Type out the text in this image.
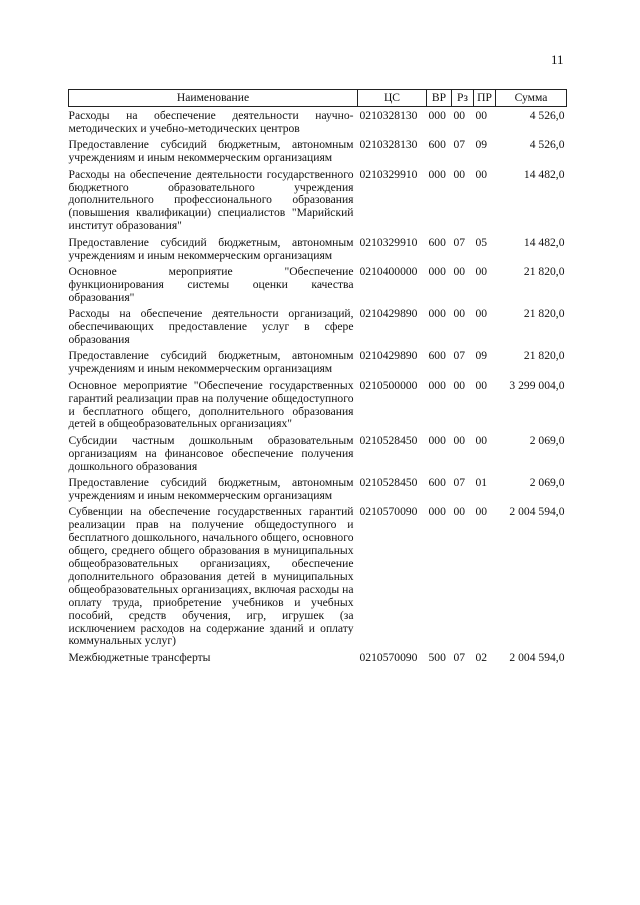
11
Наименование	ЦС	ВР	Рз	ПР	Сумма
Расходы на обеспечение деятельности научно-методических и учебно-методических центров	0210328130	000	00	00	4 526,0
Предоставление субсидий бюджетным, автономным учреждениям и иным некоммерческим организациям	0210328130	600	07	09	4 526,0
Расходы на обеспечение деятельности государственного бюджетного образовательного учреждения дополнительного профессионального образования (повышения квалификации) специалистов "Марийский институт образования"	0210329910	000	00	00	14 482,0
Предоставление субсидий бюджетным, автономным учреждениям и иным некоммерческим организациям	0210329910	600	07	05	14 482,0
Основное мероприятие "Обеспечение функционирования системы оценки качества образования"	0210400000	000	00	00	21 820,0
Расходы на обеспечение деятельности организаций, обеспечивающих предоставление услуг в сфере образования	0210429890	000	00	00	21 820,0
Предоставление субсидий бюджетным, автономным учреждениям и иным некоммерческим организациям	0210429890	600	07	09	21 820,0
Основное мероприятие "Обеспечение государственных гарантий реализации прав на получение общедоступного и бесплатного общего, дополнительного образования детей в общеобразовательных организациях"	0210500000	000	00	00	3 299 004,0
Субсидии частным дошкольным образовательным организациям на финансовое обеспечение получения дошкольного образования	0210528450	000	00	00	2 069,0
Предоставление субсидий бюджетным, автономным учреждениям и иным некоммерческим организациям	0210528450	600	07	01	2 069,0
Субвенции на обеспечение государственных гарантий реализации прав на получение общедоступного и бесплатного дошкольного, начального общего, основного общего, среднего общего образования в муниципальных общеобразовательных организациях, обеспечение дополнительного образования детей в муниципальных общеобразовательных организациях, включая расходы на оплату труда, приобретение учебников и учебных пособий, средств обучения, игр, игрушек (за исключением расходов на содержание зданий и оплату коммунальных услуг)	0210570090	000	00	00	2 004 594,0
Межбюджетные трансферты	0210570090	500	07	02	2 004 594,0
